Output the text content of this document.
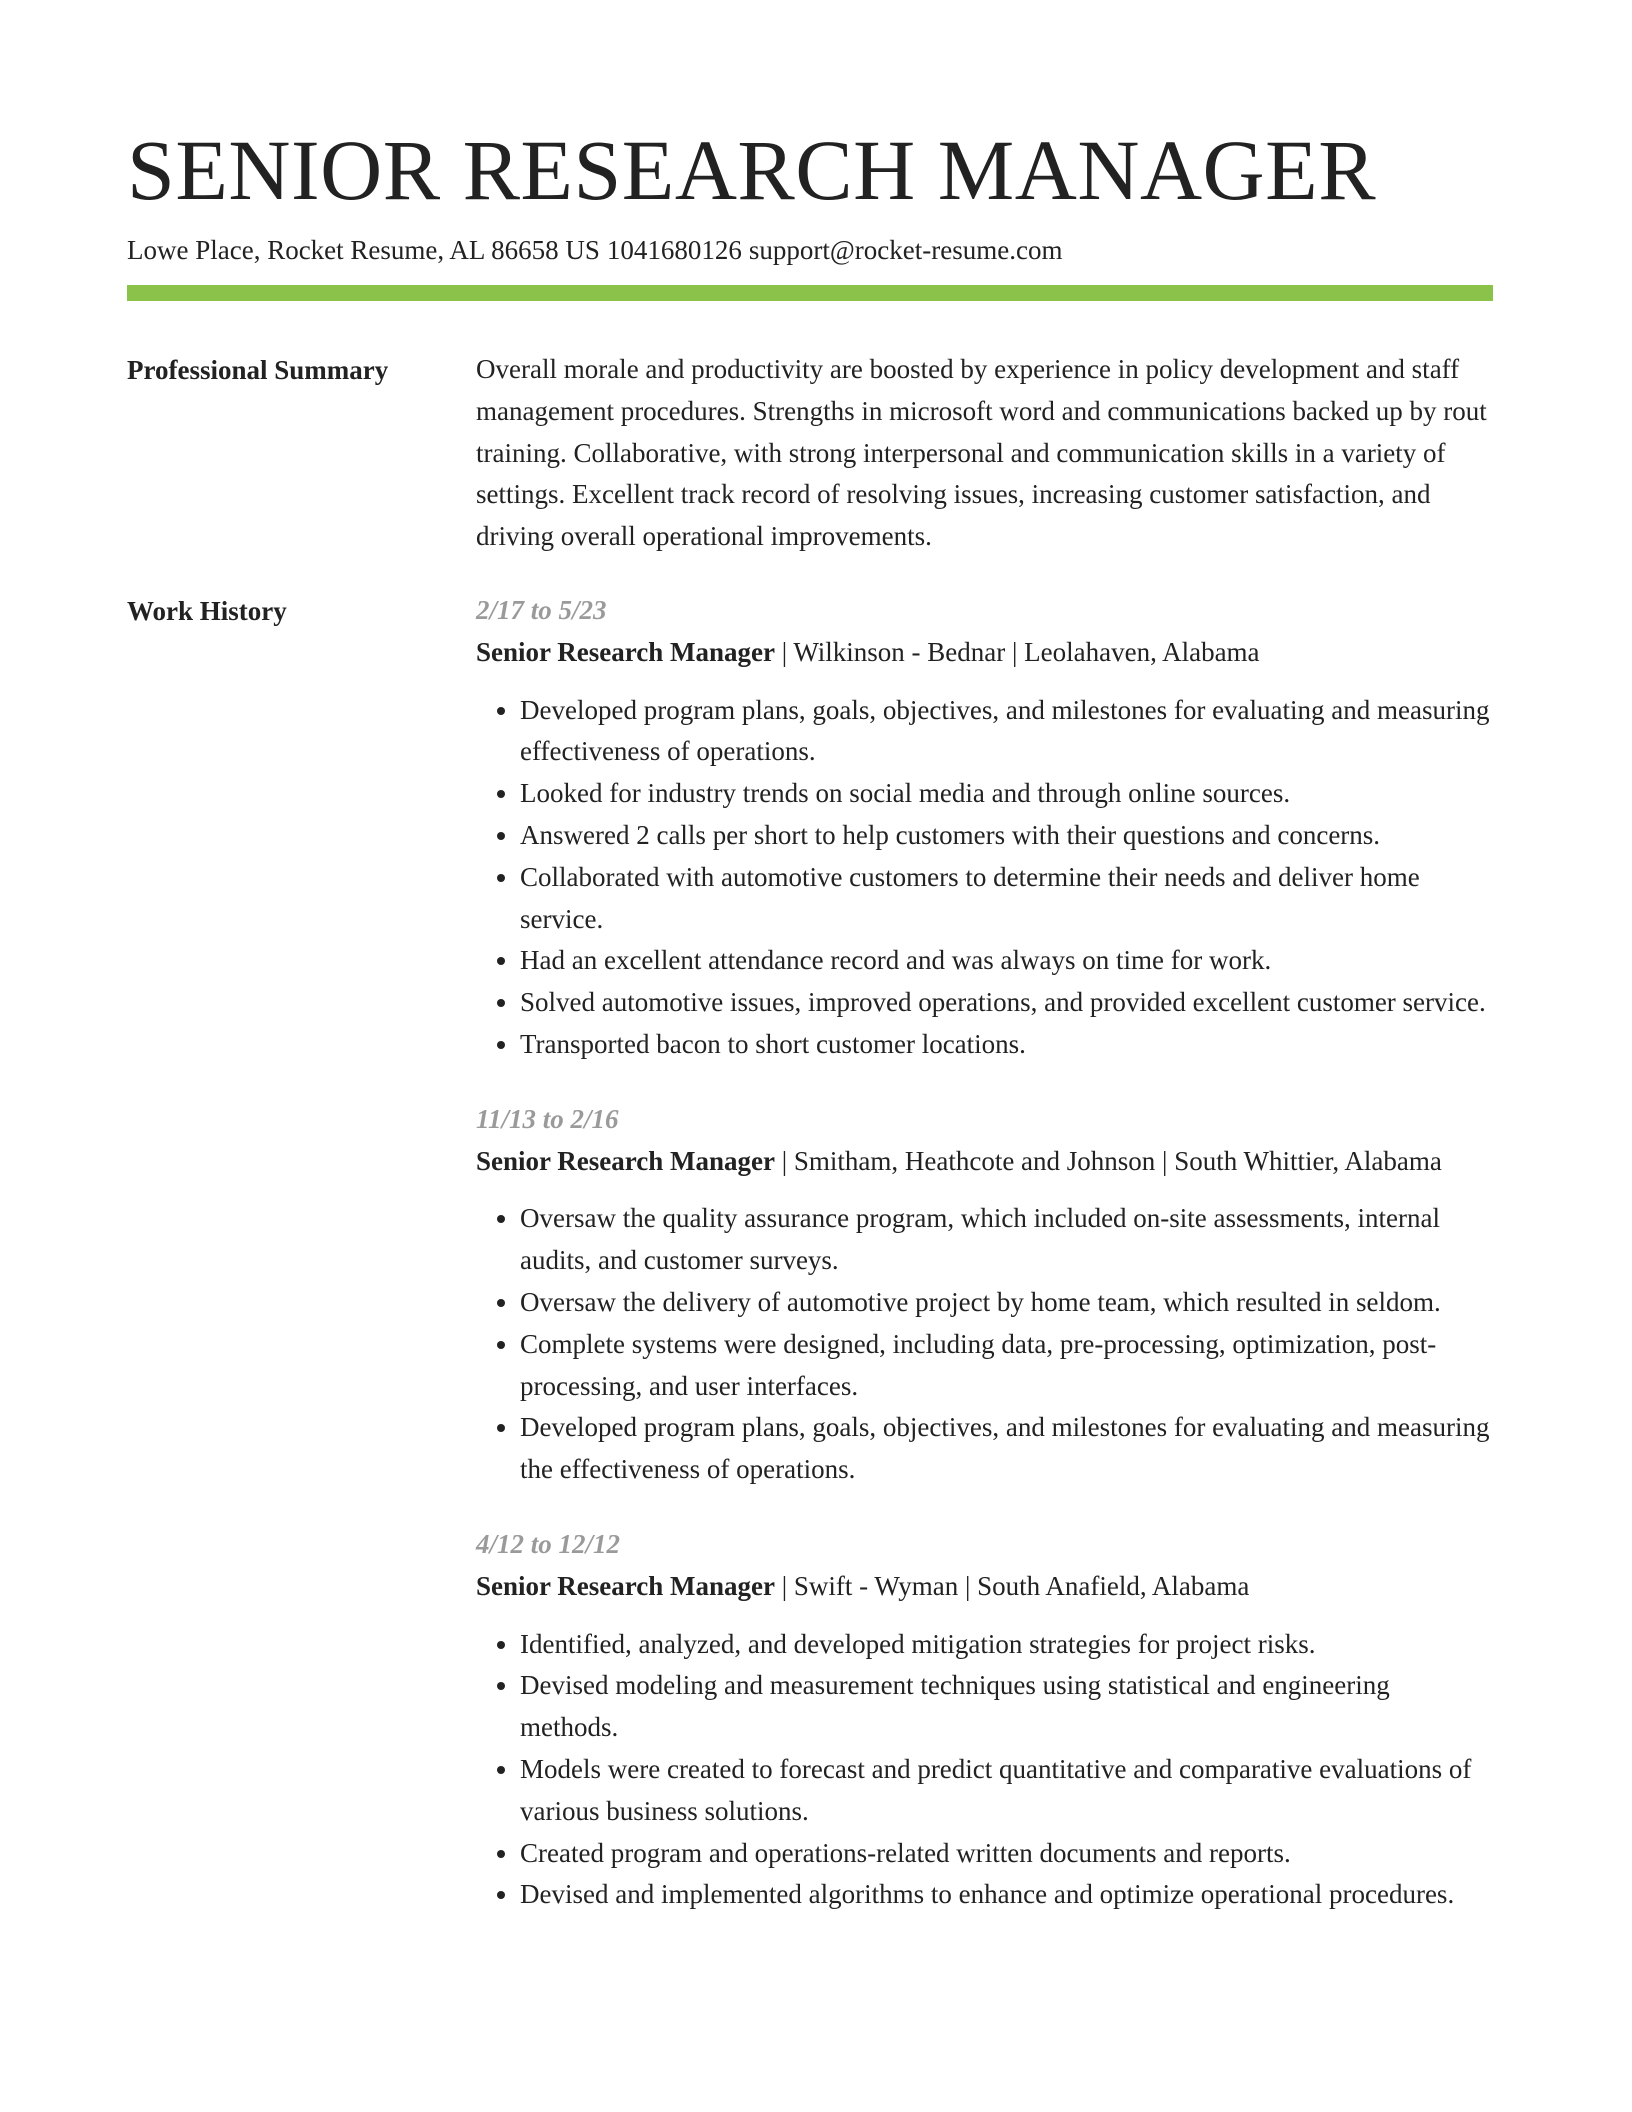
SENIOR RESEARCH MANAGER
Lowe Place, Rocket Resume, AL 86658 US 1041680126 support@rocket-resume.com
Professional Summary	Overall morale and productivity are boosted by experience in policy development and staff management procedures. Strengths in microsoft word and communications backed up by rout training. Collaborative, with strong interpersonal and communication skills in a variety of settings. Excellent track record of resolving issues, increasing customer satisfaction, and driving overall operational improvements.

Work History	2/17 to 5/23
Senior Research Manager | Wilkinson - Bednar | Leolahaven, Alabama
• Developed program plans, goals, objectives, and milestones for evaluating and measuring effectiveness of operations.
• Looked for industry trends on social media and through online sources.
• Answered 2 calls per short to help customers with their questions and concerns.
• Collaborated with automotive customers to determine their needs and deliver home service.
• Had an excellent attendance record and was always on time for work.
• Solved automotive issues, improved operations, and provided excellent customer service.
• Transported bacon to short customer locations.
11/13 to 2/16
Senior Research Manager | Smitham, Heathcote and Johnson | South Whittier, Alabama
• Oversaw the quality assurance program, which included on-site assessments, internal audits, and customer surveys.
• Oversaw the delivery of automotive project by home team, which resulted in seldom.
• Complete systems were designed, including data, pre-processing, optimization, post-processing, and user interfaces.
• Developed program plans, goals, objectives, and milestones for evaluating and measuring the effectiveness of operations.
4/12 to 12/12
Senior Research Manager | Swift - Wyman | South Anafield, Alabama
• Identified, analyzed, and developed mitigation strategies for project risks.
• Devised modeling and measurement techniques using statistical and engineering methods.
• Models were created to forecast and predict quantitative and comparative evaluations of various business solutions.
• Created program and operations-related written documents and reports.
• Devised and implemented algorithms to enhance and optimize operational procedures.
